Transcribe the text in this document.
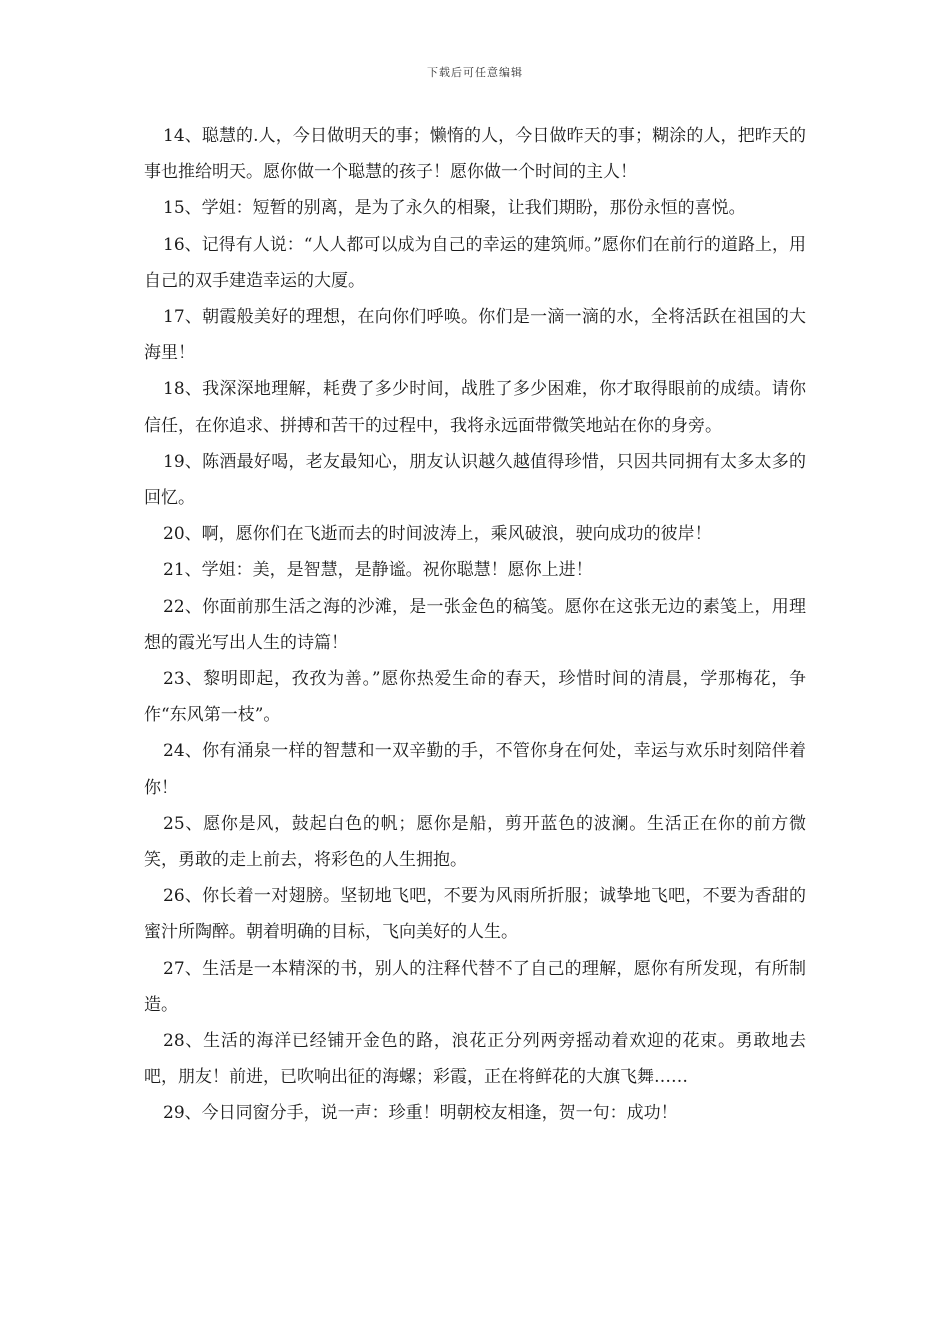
下载后可任意编辑

14、聪慧的.人，今日做明天的事；懒惰的人，今日做昨天的事；糊涂的人，把昨天的事也推给明天。愿你做一个聪慧的孩子！愿你做一个时间的主人！

15、学姐：短暂的别离，是为了永久的相聚，让我们期盼，那份永恒的喜悦。

16、记得有人说：“人人都可以成为自己的幸运的建筑师。”愿你们在前行的道路上，用自己的双手建造幸运的大厦。

17、朝霞般美好的理想，在向你们呼唤。你们是一滴一滴的水，全将活跃在祖国的大海里！

18、我深深地理解，耗费了多少时间，战胜了多少困难，你才取得眼前的成绩。请你信任，在你追求、拼搏和苦干的过程中，我将永远面带微笑地站在你的身旁。

19、陈酒最好喝，老友最知心，朋友认识越久越值得珍惜，只因共同拥有太多太多的回忆。

20、啊，愿你们在飞逝而去的时间波涛上，乘风破浪，驶向成功的彼岸！

21、学姐：美，是智慧，是静谧。祝你聪慧！愿你上进！

22、你面前那生活之海的沙滩，是一张金色的稿笺。愿你在这张无边的素笺上，用理想的霞光写出人生的诗篇！

23、黎明即起，孜孜为善。”愿你热爱生命的春天，珍惜时间的清晨，学那梅花，争作“东风第一枝”。

24、你有涌泉一样的智慧和一双辛勤的手，不管你身在何处，幸运与欢乐时刻陪伴着你！

25、愿你是风，鼓起白色的帆；愿你是船，剪开蓝色的波澜。生活正在你的前方微笑，勇敢的走上前去，将彩色的人生拥抱。

26、你长着一对翅膀。坚韧地飞吧，不要为风雨所折服；诚挚地飞吧，不要为香甜的蜜汁所陶醉。朝着明确的目标，飞向美好的人生。

27、生活是一本精深的书，别人的注释代替不了自己的理解，愿你有所发现，有所制造。

28、生活的海洋已经铺开金色的路，浪花正分列两旁摇动着欢迎的花束。勇敢地去吧，朋友！前进，已吹响出征的海螺；彩霞，正在将鲜花的大旗飞舞……

29、今日同窗分手，说一声：珍重！明朝校友相逢，贺一句：成功！
